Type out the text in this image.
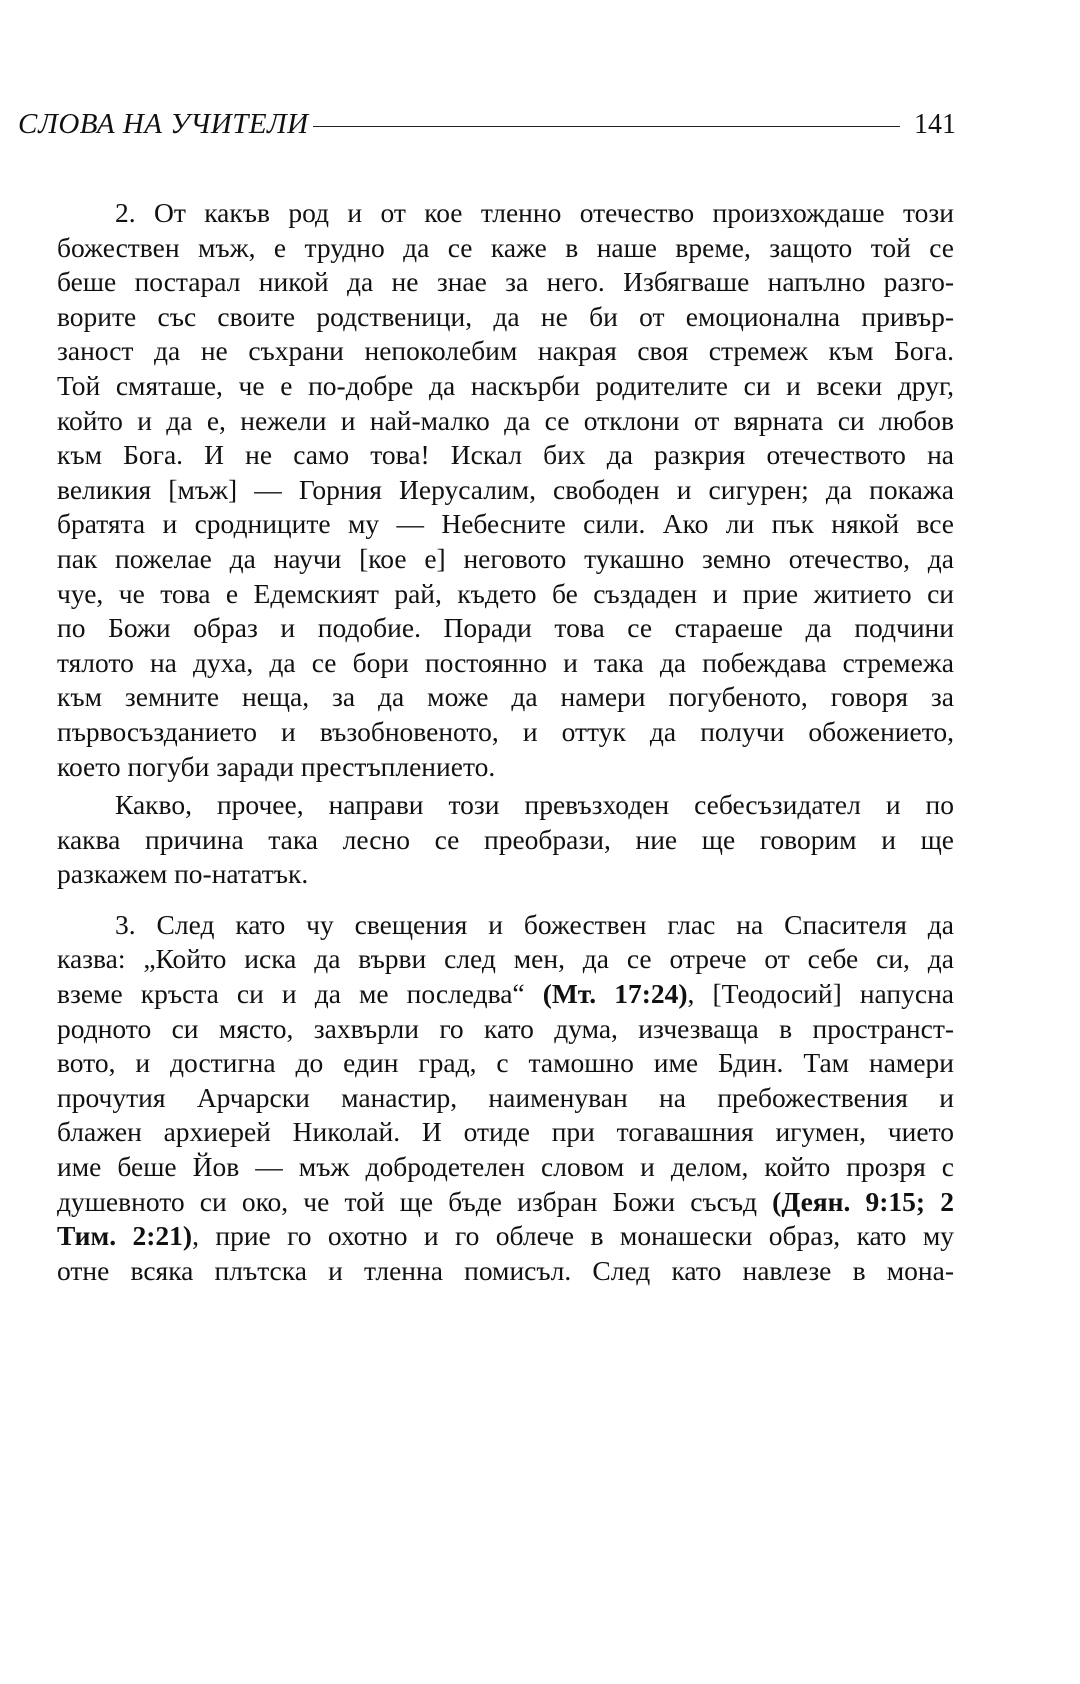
СЛОВА НА УЧИТЕЛИ	141
2. От какъв род и от кое тленно отечество произхождаше този
божествен мъж, е трудно да се каже в наше време, защото той се
беше постарал никой да не знае за него. Избягваше напълно разго-
ворите със своите родственици, да не би от емоционална привър-
заност да не съхрани непоколебим накрая своя стремеж към Бога.
Той смяташе, че е по-добре да наскърби родителите си и всеки друг,
който и да е, нежели и най-малко да се отклони от вярната си любов
към Бога. И не само това! Искал бих да разкрия отечеството на
великия [мъж] — Горния Иерусалим, свободен и сигурен; да покажа
братята и сродниците му — Небесните сили. Ако ли пък някой все
пак пожелае да научи [кое е] неговото тукашно земно отечество, да
чуе, че това е Едемският рай, където бе създаден и прие житието си
по Божи образ и подобие. Поради това се стараеше да подчини
тялото на духа, да се бори постоянно и така да побеждава стремежа
към земните неща, за да може да намери погубеното, говоря за
първосъзданието и възобновеното, и оттук да получи обожението,
което погуби заради престъплението.
Какво, прочее, направи този превъзходен себесъзидател и по
каква причина така лесно се преобрази, ние ще говорим и ще
разкажем по-нататък.
3. След като чу свещения и божествен глас на Спасителя да
казва: „Който иска да върви след мен, да се отрече от себе си, да
вземе кръста си и да ме последва“ (Мт. 17:24), [Теодосий] напусна
родното си място, захвърли го като дума, изчезваща в пространст-
вото, и достигна до един град, с тамошно име Бдин. Там намери
прочутия Арчарски манастир, наименуван на пребожествения и
блажен архиерей Николай. И отиде при тогавашния игумен, чието
име беше Йов — мъж добродетелен словом и делом, който прозря с
душевното си око, че той ще бъде избран Божи съсъд (Деян. 9:15; 2
Тим. 2:21), прие го охотно и го облече в монашески образ, като му
отне всяка плътска и тленна помисъл. След като навлезе в мона-
